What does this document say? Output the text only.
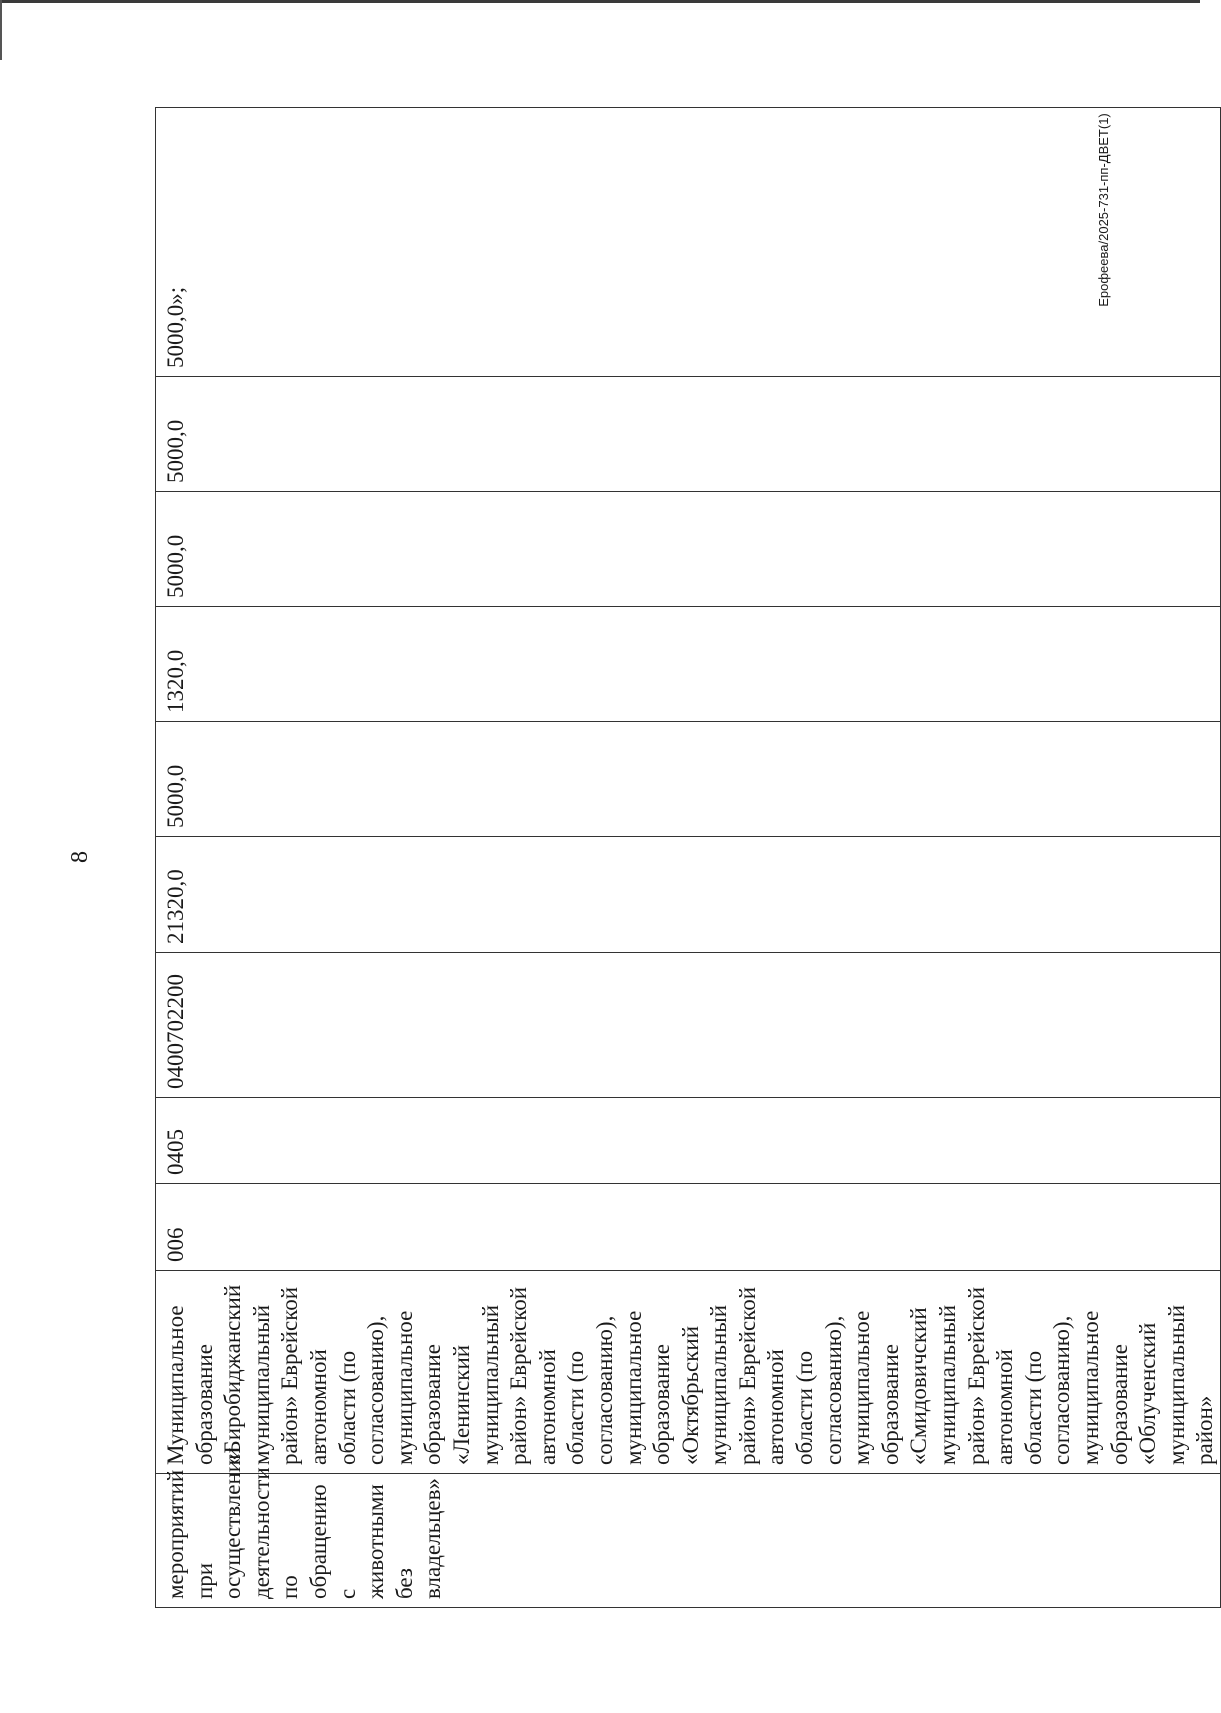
8
Ерофеева/2025-731-пп-ДВЕТ(1)
мероприятий при осуществлении деятельности по обращению с животными без владельцев»	Муниципальное образование «Биробиджанский муниципальный район» Еврейской автономной области (по согласованию), муниципальное образование «Ленинский муниципальный район» Еврейской автономной области (по согласованию), муниципальное образование «Октябрьский муниципальный район» Еврейской автономной области (по согласованию), муниципальное образование «Смидовичский муниципальный район» Еврейской автономной области (по согласованию), муниципальное образование «Облученский муниципальный район»	006	0405	0400702200	21320,0	5000,0	1320,0	5000,0	5000,0	5000,0»;
